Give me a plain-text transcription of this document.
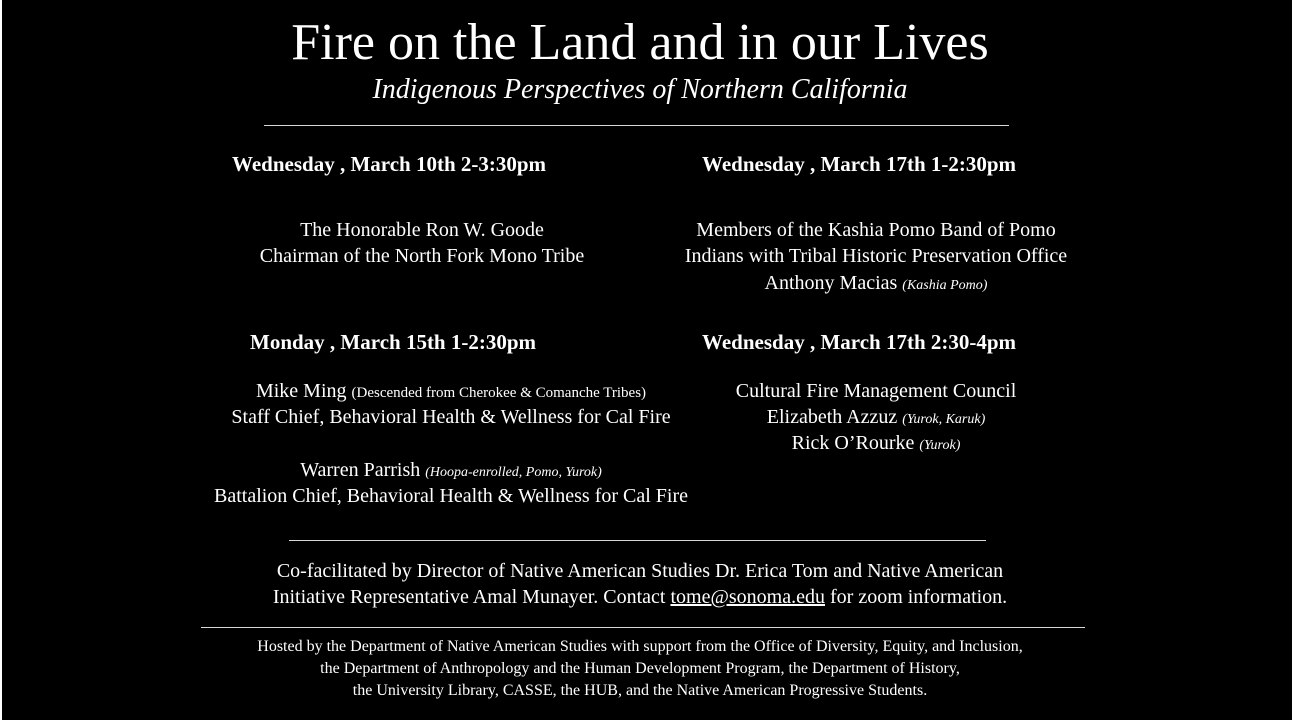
Fire on the Land and in our Lives
Indigenous Perspectives of Northern California
Wednesday , March 10th 2-3:30pm
The Honorable Ron W. Goode
Chairman of the North Fork Mono Tribe
Wednesday , March 17th 1-2:30pm
Members of the Kashia Pomo Band of Pomo
Indians with Tribal Historic Preservation Office
Anthony Macias (Kashia Pomo)
Monday , March 15th 1-2:30pm
Mike Ming (Descended from Cherokee & Comanche Tribes)
Staff Chief, Behavioral Health & Wellness for Cal Fire
Warren Parrish (Hoopa-enrolled, Pomo, Yurok)
Battalion Chief, Behavioral Health & Wellness for Cal Fire
Wednesday , March 17th 2:30-4pm
Cultural Fire Management Council
Elizabeth Azzuz (Yurok, Karuk)
Rick O’Rourke (Yurok)
Co-facilitated by Director of Native American Studies Dr. Erica Tom and Native American
Initiative Representative Amal Munayer. Contact tome@sonoma.edu for zoom information.
Hosted by the Department of Native American Studies with support from the Office of Diversity, Equity, and Inclusion,
the Department of Anthropology and the Human Development Program, the Department of History,
the University Library, CASSE, the HUB, and the Native American Progressive Students.
